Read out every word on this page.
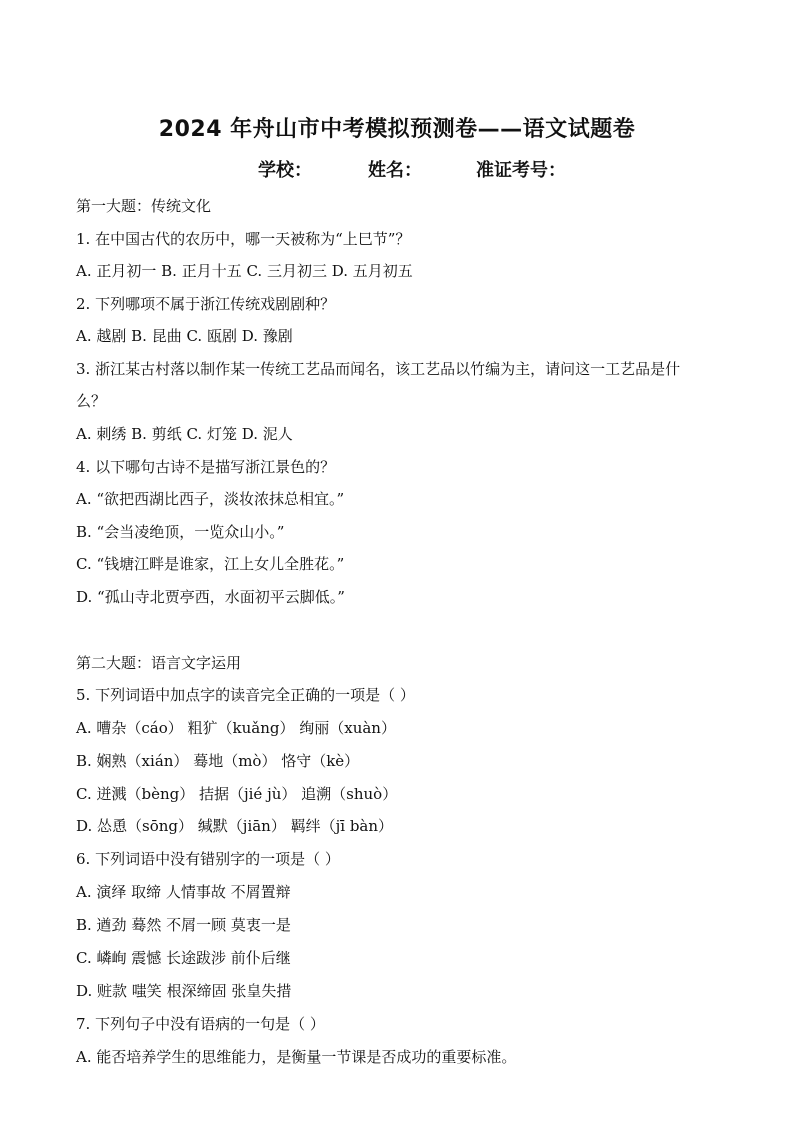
2024 年舟山市中考模拟预测卷——语文试题卷
学校：	姓名：	准证考号：
第一大题：传统文化
1. 在中国古代的农历中，哪一天被称为“上巳节”？
A. 正月初一 B. 正月十五 C. 三月初三 D. 五月初五
2. 下列哪项不属于浙江传统戏剧剧种？
A. 越剧 B. 昆曲 C. 瓯剧 D. 豫剧
3. 浙江某古村落以制作某一传统工艺品而闻名，该工艺品以竹编为主，请问这一工艺品是什
么？
A. 刺绣 B. 剪纸 C. 灯笼 D. 泥人
4. 以下哪句古诗不是描写浙江景色的？
A. “欲把西湖比西子，淡妆浓抹总相宜。”
B. “会当凌绝顶，一览众山小。”
C. “钱塘江畔是谁家，江上女儿全胜花。”
D. “孤山寺北贾亭西，水面初平云脚低。”
第二大题：语言文字运用
5. 下列词语中加点字的读音完全正确的一项是（ ）
A. 嘈杂（cáo） 粗犷（kuǎng） 绚丽（xuàn）
B. 娴熟（xián） 蓦地（mò） 恪守（kè）
C. 迸溅（bèng） 拮据（jié jù） 追溯（shuò）
D. 怂恿（sōng） 缄默（jiān） 羁绊（jī bàn）
6. 下列词语中没有错别字的一项是（ ）
A. 演绎 取缔 人情事故 不屑置辩
B. 遒劲 蓦然 不屑一顾 莫衷一是
C. 嶙峋 震憾 长途跋涉 前仆后继
D. 赃款 嗤笑 根深缔固 张皇失措
7. 下列句子中没有语病的一句是（ ）
A. 能否培养学生的思维能力，是衡量一节课是否成功的重要标准。
